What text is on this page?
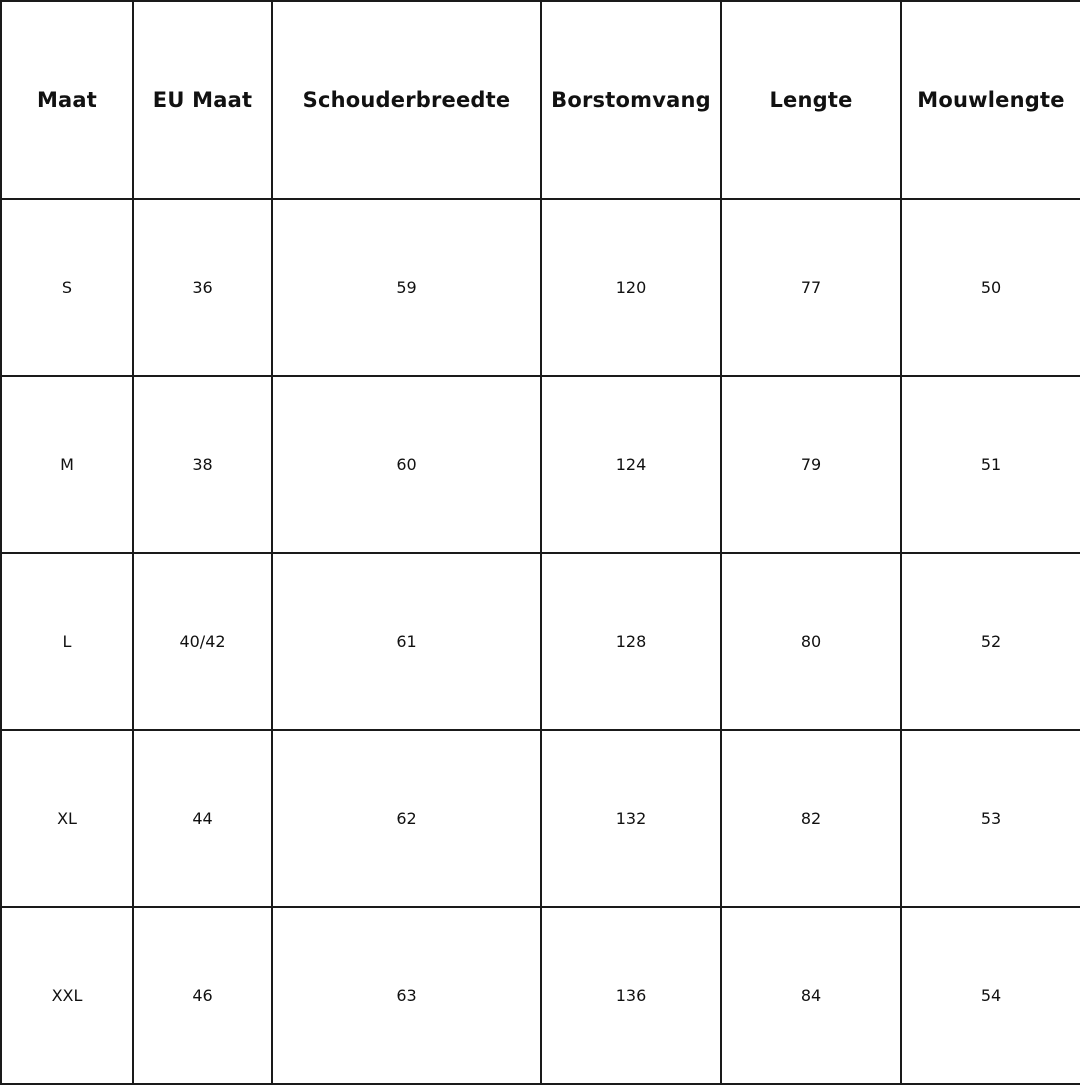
Maat	EU Maat	Schouderbreedte	Borstomvang	Lengte	Mouwlengte
S	36	59	120	77	50
M	38	60	124	79	51
L	40/42	61	128	80	52
XL	44	62	132	82	53
XXL	46	63	136	84	54
